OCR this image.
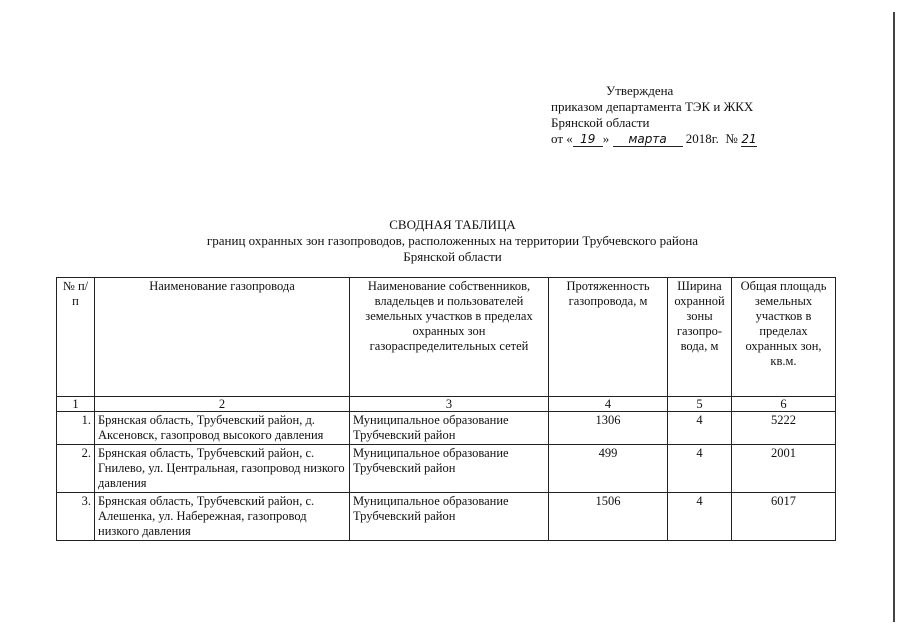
Утверждена
приказом департамента ТЭК и ЖКХ
Брянской области
от « 19 » марта 2018г. № 21
СВОДНАЯ ТАБЛИЦА
границ охранных зон газопроводов, расположенных на территории Трубчевского района
Брянской области
№ п/п	Наименование газопровода	Наименование собственников, владельцев и пользователей земельных участков в пределах охранных зон газораспределительных сетей	Протяженность газопровода, м	Ширина охранной зоны газопро-вода, м	Общая площадь земельных участков в пределах охранных зон, кв.м.
1	2	3	4	5	6
1.	Брянская область, Трубчевский район, д. Аксеновск, газопровод высокого давления	Муниципальное образование Трубчевский район	1306	4	5222
2.	Брянская область, Трубчевский район, с. Гнилево, ул. Центральная, газопровод низкого давления	Муниципальное образование Трубчевский район	499	4	2001
3.	Брянская область, Трубчевский район, с. Алешенка, ул. Набережная, газопровод низкого давления	Муниципальное образование Трубчевский район	1506	4	6017
